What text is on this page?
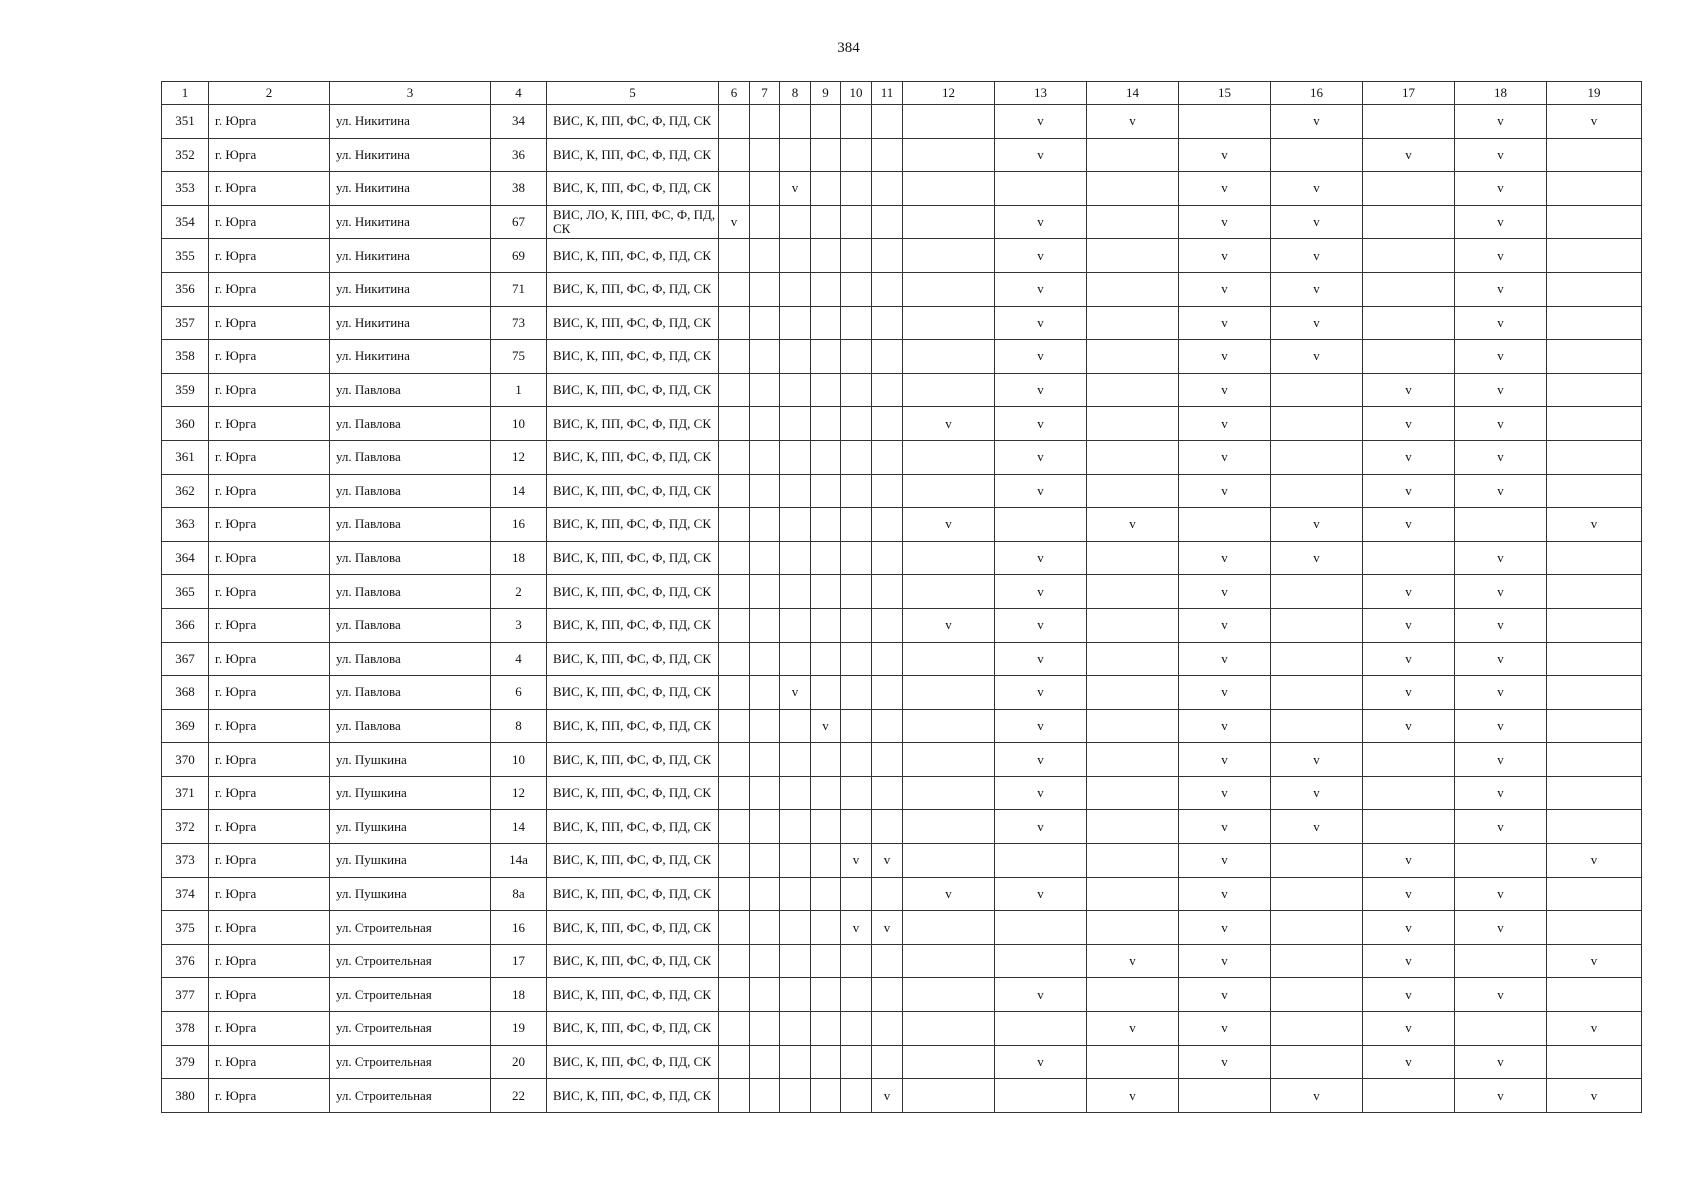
384
1	2	3	4	5	6	7	8	9	10	11	12	13	14	15	16	17	18	19
351	г. Юрга	ул. Никитина	34	ВИС, К, ПП, ФС, Ф, ПД, СК								v	v		v		v	v
352	г. Юрга	ул. Никитина	36	ВИС, К, ПП, ФС, Ф, ПД, СК								v		v		v	v	
353	г. Юрга	ул. Никитина	38	ВИС, К, ПП, ФС, Ф, ПД, СК			v							v	v		v	
354	г. Юрга	ул. Никитина	67	ВИС, ЛО, К, ПП, ФС, Ф, ПД, СК	v							v		v	v		v	
355	г. Юрга	ул. Никитина	69	ВИС, К, ПП, ФС, Ф, ПД, СК								v		v	v		v	
356	г. Юрга	ул. Никитина	71	ВИС, К, ПП, ФС, Ф, ПД, СК								v		v	v		v	
357	г. Юрга	ул. Никитина	73	ВИС, К, ПП, ФС, Ф, ПД, СК								v		v	v		v	
358	г. Юрга	ул. Никитина	75	ВИС, К, ПП, ФС, Ф, ПД, СК								v		v	v		v	
359	г. Юрга	ул. Павлова	1	ВИС, К, ПП, ФС, Ф, ПД, СК								v		v		v	v	
360	г. Юрга	ул. Павлова	10	ВИС, К, ПП, ФС, Ф, ПД, СК							v	v		v		v	v	
361	г. Юрга	ул. Павлова	12	ВИС, К, ПП, ФС, Ф, ПД, СК								v		v		v	v	
362	г. Юрга	ул. Павлова	14	ВИС, К, ПП, ФС, Ф, ПД, СК								v		v		v	v	
363	г. Юрга	ул. Павлова	16	ВИС, К, ПП, ФС, Ф, ПД, СК							v		v		v	v		v
364	г. Юрга	ул. Павлова	18	ВИС, К, ПП, ФС, Ф, ПД, СК								v		v	v		v	
365	г. Юрга	ул. Павлова	2	ВИС, К, ПП, ФС, Ф, ПД, СК								v		v		v	v	
366	г. Юрга	ул. Павлова	3	ВИС, К, ПП, ФС, Ф, ПД, СК							v	v		v		v	v	
367	г. Юрга	ул. Павлова	4	ВИС, К, ПП, ФС, Ф, ПД, СК								v		v		v	v	
368	г. Юрга	ул. Павлова	6	ВИС, К, ПП, ФС, Ф, ПД, СК			v					v		v		v	v	
369	г. Юрга	ул. Павлова	8	ВИС, К, ПП, ФС, Ф, ПД, СК				v				v		v		v	v	
370	г. Юрга	ул. Пушкина	10	ВИС, К, ПП, ФС, Ф, ПД, СК								v		v	v		v	
371	г. Юрга	ул. Пушкина	12	ВИС, К, ПП, ФС, Ф, ПД, СК								v		v	v		v	
372	г. Юрга	ул. Пушкина	14	ВИС, К, ПП, ФС, Ф, ПД, СК								v		v	v		v	
373	г. Юрга	ул. Пушкина	14а	ВИС, К, ПП, ФС, Ф, ПД, СК					v	v				v		v		v
374	г. Юрга	ул. Пушкина	8а	ВИС, К, ПП, ФС, Ф, ПД, СК							v	v		v		v	v	
375	г. Юрга	ул. Строительная	16	ВИС, К, ПП, ФС, Ф, ПД, СК					v	v				v		v	v	
376	г. Юрга	ул. Строительная	17	ВИС, К, ПП, ФС, Ф, ПД, СК									v	v		v		v
377	г. Юрга	ул. Строительная	18	ВИС, К, ПП, ФС, Ф, ПД, СК								v		v		v	v	
378	г. Юрга	ул. Строительная	19	ВИС, К, ПП, ФС, Ф, ПД, СК									v	v		v		v
379	г. Юрга	ул. Строительная	20	ВИС, К, ПП, ФС, Ф, ПД, СК								v		v		v	v	
380	г. Юрга	ул. Строительная	22	ВИС, К, ПП, ФС, Ф, ПД, СК						v			v		v		v	v
